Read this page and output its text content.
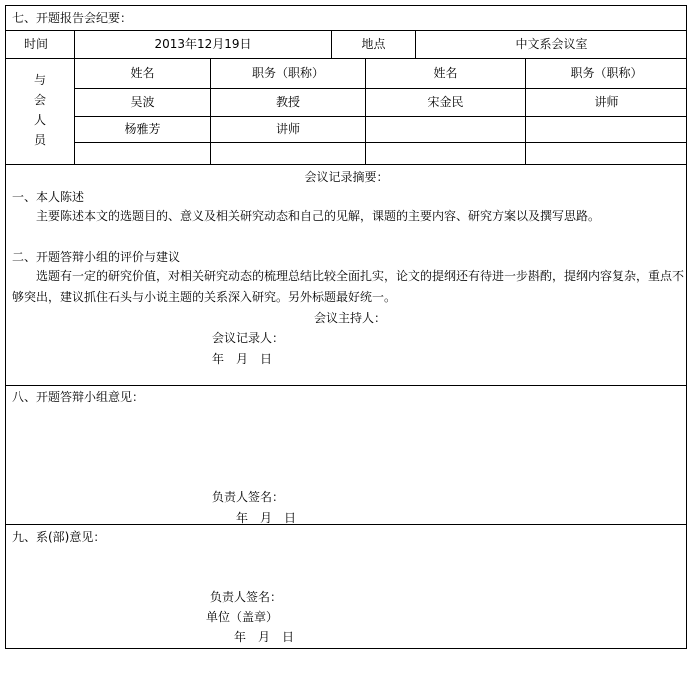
七、开题报告会纪要：
时间	2013年12月19日	地点	中文系会议室
与
会
人
员
姓名	职务（职称）	姓名	职务（职称）
吴波	教授	宋金民	讲师
杨雅芳	讲师
会议记录摘要：
一、本人陈述
主要陈述本文的选题目的、意义及相关研究动态和自己的见解，课题的主要内容、研究方案以及撰写思路。
二、开题答辩小组的评价与建议
选题有一定的研究价值，对相关研究动态的梳理总结比较全面扎实，论文的提纲还有待进一步斟酌，提纲内容复杂，重点不够突出，建议抓住石头与小说主题的关系深入研究。另外标题最好统一。
会议主持人：
会议记录人：
年　月　日
八、开题答辩小组意见：
负责人签名：
年　月　日
九、系(部)意见：
负责人签名：
单位（盖章）
年　月　日
